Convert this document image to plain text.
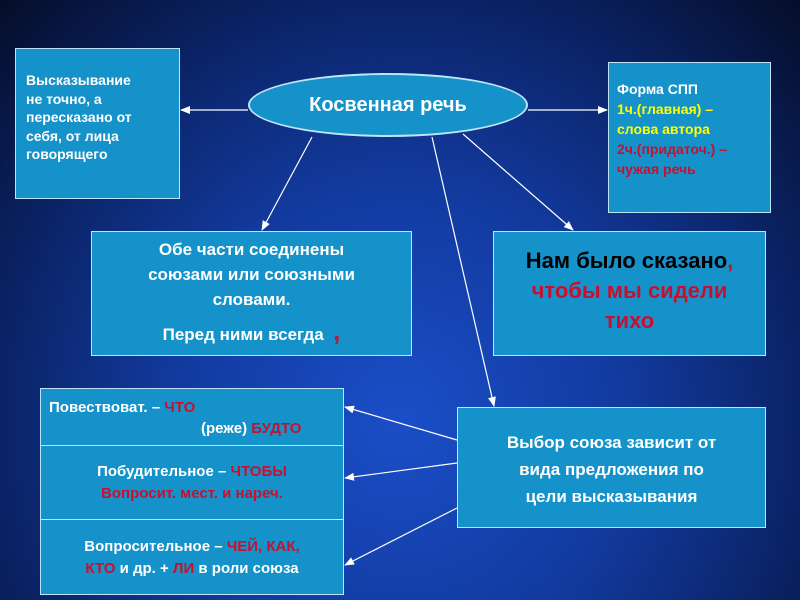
Косвенная речь
Высказывание
не точно, а
пересказано от
себя, от лица
говорящего
Форма СПП
1ч.(главная) –
слова автора
2ч.(придаточ.) –
чужая речь

Обе части соединены

союзами или союзными

словами.

Перед ними всегда ,

Нам было сказано,
чтобы мы сидели
тихо
Повествоват. – ЧТО
(реже) БУДТО
Побудительное – ЧТОБЫ
Вопросит. мест. и нареч.
Вопросительное – ЧЕЙ, КАК,
КТО и др. + ЛИ в роли союза
Выбор союза зависит от
вида предложения по
цели высказывания
